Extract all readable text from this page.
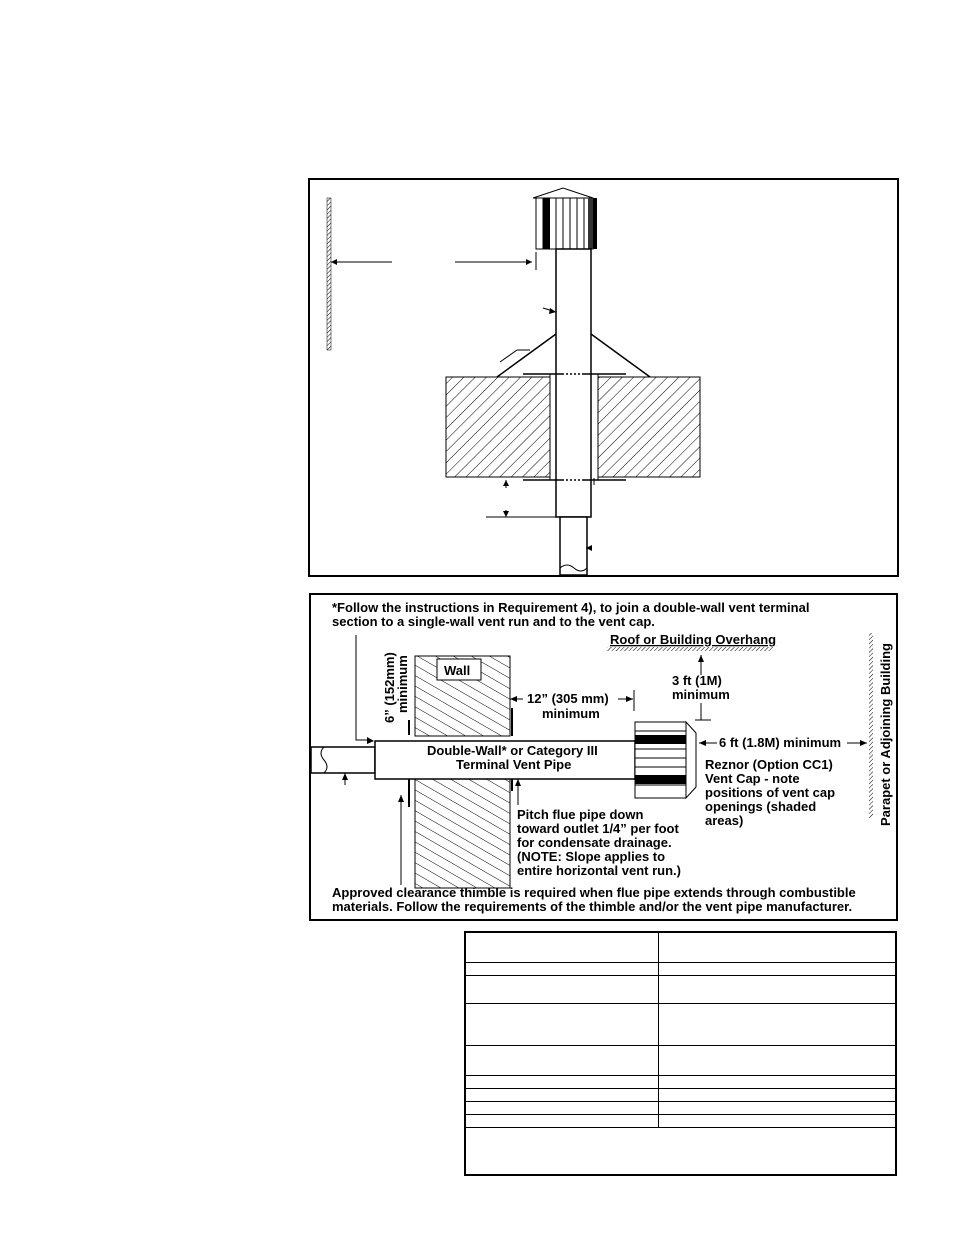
*Follow the instructions in Requirement 4), to join a double-wall vent terminal
section to a single-wall vent run and to the vent cap.
Roof or Building Overhang
3 ft (1M)
minimum	Parapet or Adjoining Building
Wall
6” (152mm)
minimum	12” (305 mm)
minimum
Double-Wall* or Category III
Terminal Vent Pipe
6 ft (1.8M) minimum
Reznor (Option CC1)
Vent Cap - note
positions of vent cap
openings (shaded
areas)
Pitch flue pipe down
toward outlet 1/4” per foot
for condensate drainage.
(NOTE: Slope applies to
entire horizontal vent run.)
Approved clearance thimble is required when flue pipe extends through combustible
materials. Follow the requirements of the thimble and/or the vent pipe manufacturer.
